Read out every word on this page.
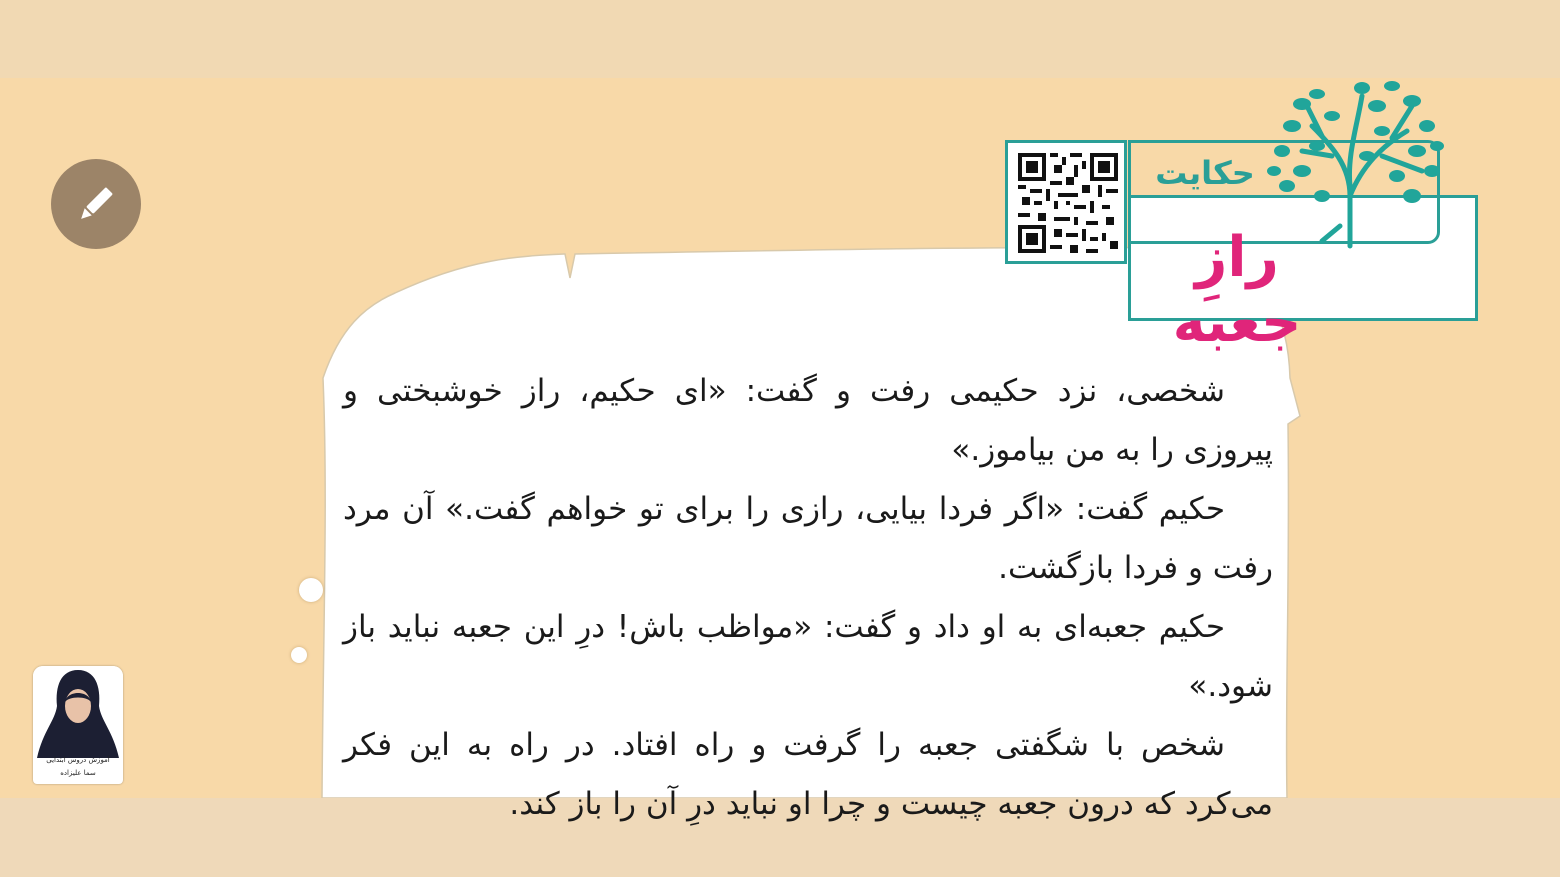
حکایت
رازِ جعبه

شخصی، نزد حکیمی رفت و گفت: «ای حکیم، راز خوشبختی و پیروزی را به من بیاموز.»

حکیم گفت: «اگر فردا بیایی، رازی را برای تو خواهم گفت.» آن مرد رفت و فردا بازگشت.

حکیم جعبه‌ای به او داد و گفت: «مواظب باش! درِ این جعبه نباید باز شود.»

شخص با شگفتی جعبه را گرفت و راه افتاد. در راه به این فکر می‌کرد که درون جعبه چیست و چرا او نباید درِ آن را باز کند.

آموزش دروس ابتدایی
سما علیزاده
